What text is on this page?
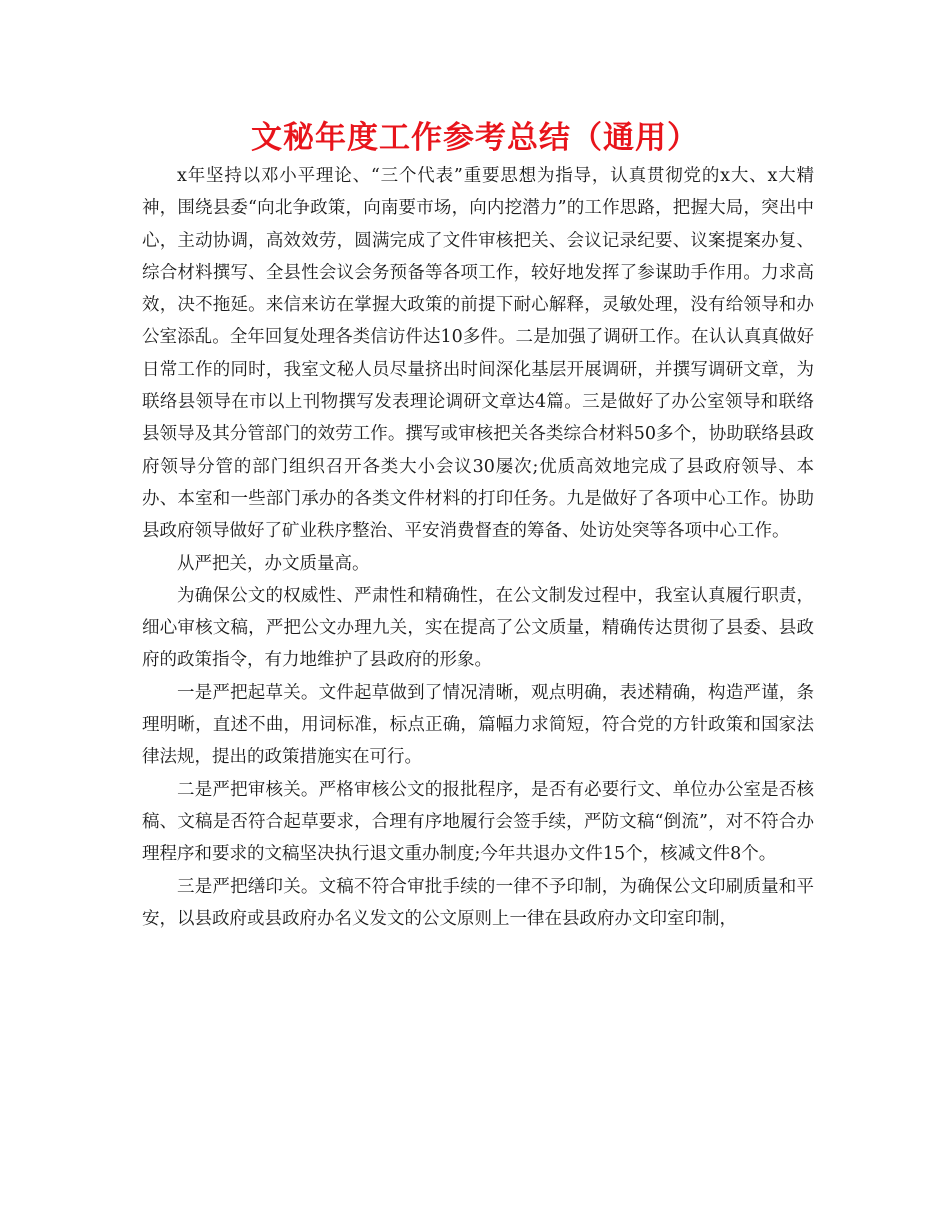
文秘年度工作参考总结（通用）

x年坚持以邓小平理论、“三个代表”重要思想为指导，认真贯彻党的x大、x大精神，围绕县委“向北争政策，向南要市场，向内挖潜力”的工作思路，把握大局，突出中心，主动协调，高效效劳，圆满完成了文件审核把关、会议记录纪要、议案提案办复、综合材料撰写、全县性会议会务预备等各项工作，较好地发挥了参谋助手作用。力求高效，决不拖延。来信来访在掌握大政策的前提下耐心解释，灵敏处理，没有给领导和办公室添乱。全年回复处理各类信访件达10多件。二是加强了调研工作。在认认真真做好日常工作的同时，我室文秘人员尽量挤出时间深化基层开展调研，并撰写调研文章，为联络县领导在市以上刊物撰写发表理论调研文章达4篇。三是做好了办公室领导和联络县领导及其分管部门的效劳工作。撰写或审核把关各类综合材料50多个，协助联络县政府领导分管的部门组织召开各类大小会议30屡次;优质高效地完成了县政府领导、本办、本室和一些部门承办的各类文件材料的打印任务。九是做好了各项中心工作。协助县政府领导做好了矿业秩序整治、平安消费督查的筹备、处访处突等各项中心工作。

从严把关，办文质量高。

为确保公文的权威性、严肃性和精确性，在公文制发过程中，我室认真履行职责，细心审核文稿，严把公文办理九关，实在提高了公文质量，精确传达贯彻了县委、县政府的政策指令，有力地维护了县政府的形象。

一是严把起草关。文件起草做到了情况清晰，观点明确，表述精确，构造严谨，条理明晰，直述不曲，用词标准，标点正确，篇幅力求简短，符合党的方针政策和国家法律法规，提出的政策措施实在可行。

二是严把审核关。严格审核公文的报批程序，是否有必要行文、单位办公室是否核稿、文稿是否符合起草要求，合理有序地履行会签手续，严防文稿“倒流”，对不符合办理程序和要求的文稿坚决执行退文重办制度;今年共退办文件15个，核减文件8个。

三是严把缮印关。文稿不符合审批手续的一律不予印制，为确保公文印刷质量和平安，以县政府或县政府办名义发文的公文原则上一律在县政府办文印室印制，
